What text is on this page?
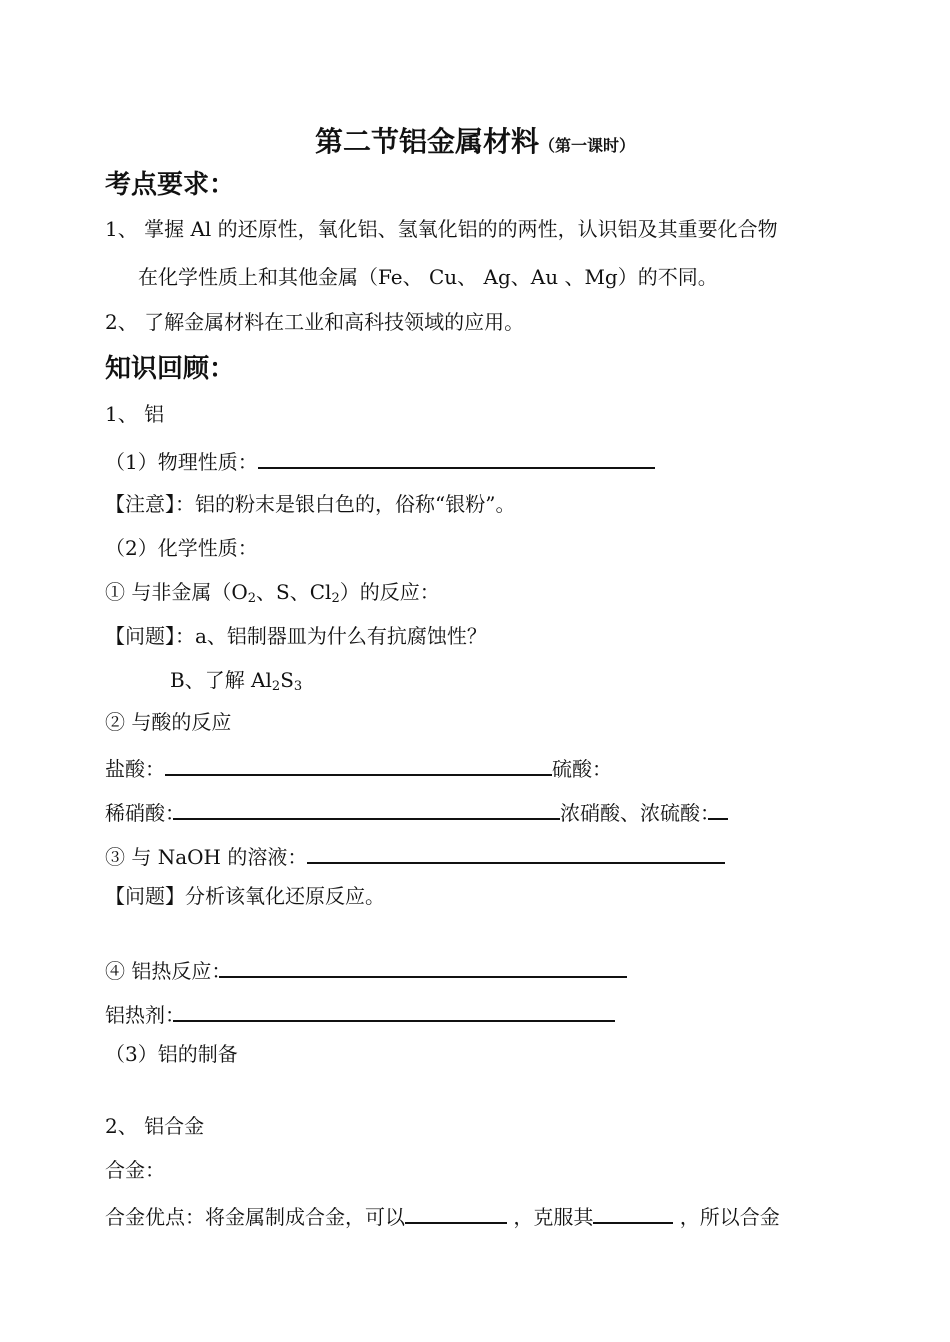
第二节铝金属材料（第一课时）
考点要求：
1、 掌握 Al 的还原性，氧化铝、氢氧化铝的的两性，认识铝及其重要化合物
在化学性质上和其他金属（Fe、 Cu、 Ag、Au 、Mg）的不同。
2、 了解金属材料在工业和高科技领域的应用。
知识回顾：
1、 铝
（1）物理性质：
【注意】：铝的粉末是银白色的，俗称“银粉”。
（2）化学性质：
① 与非金属（$O_2$、S、$Cl_2$）的反应：
【问题】：a、铝制器皿为什么有抗腐蚀性？
B、了解 $Al_2S_3$
② 与酸的反应
盐酸：	硫酸：
稀硝酸：	浓硝酸、浓硫酸：
③ 与 NaOH 的溶液：
【问题】分析该氧化还原反应。
④ 铝热反应：
铝热剂：
（3）铝的制备
2、 铝合金
合金：
合金优点：将金属制成合金，可以	，克服其	，所以合金
